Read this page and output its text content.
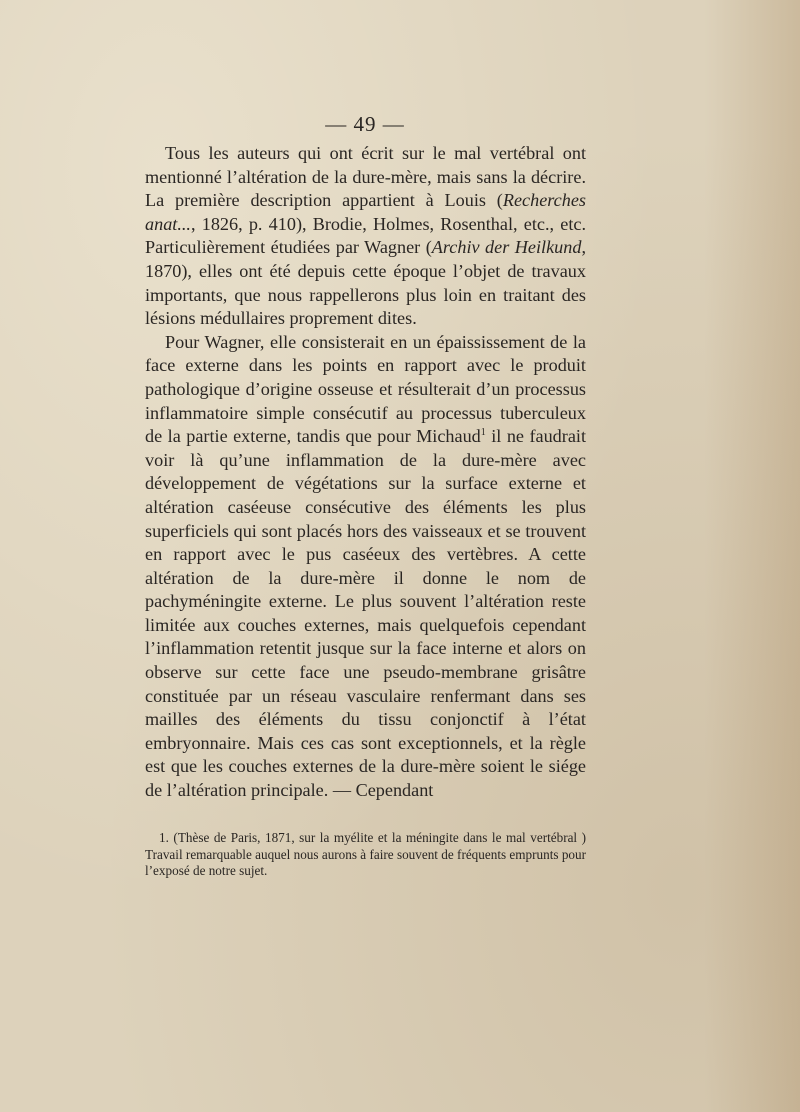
— 49 —

Tous les auteurs qui ont écrit sur le mal vertébral ont mentionné l’altération de la dure-mère, mais sans la décrire. La première description appartient à Louis (Recherches anat..., 1826, p. 410), Brodie, Holmes, Rosenthal, etc., etc. Particulièrement étudiées par Wagner (Archiv der Heilkund, 1870), elles ont été depuis cette époque l’objet de travaux importants, que nous rappellerons plus loin en traitant des lésions médullaires proprement dites.

Pour Wagner, elle consisterait en un épaississement de la face externe dans les points en rapport avec le produit pathologique d’origine osseuse et résulterait d’un processus inflammatoire simple consécutif au processus tuberculeux de la partie externe, tandis que pour Michaud$^1$ il ne faudrait voir là qu’une inflammation de la dure-mère avec développement de végétations sur la surface externe et altération caséeuse consécutive des éléments les plus superficiels qui sont placés hors des vaisseaux et se trouvent en rapport avec le pus caséeux des vertèbres. A cette altération de la dure-mère il donne le nom de pachyméningite externe. Le plus souvent l’altération reste limitée aux couches externes, mais quelquefois cependant l’inflammation retentit jusque sur la face interne et alors on observe sur cette face une pseudo-membrane grisâtre constituée par un réseau vasculaire renfermant dans ses mailles des éléments du tissu conjonctif à l’état embryonnaire. Mais ces cas sont exceptionnels, et la règle est que les couches externes de la dure-mère soient le siége de l’altération principale. — Cependant

1. (Thèse de Paris, 1871, sur la myélite et la méningite dans le mal vertébral ) Travail remarquable auquel nous aurons à faire souvent de fréquents emprunts pour l’exposé de notre sujet.
